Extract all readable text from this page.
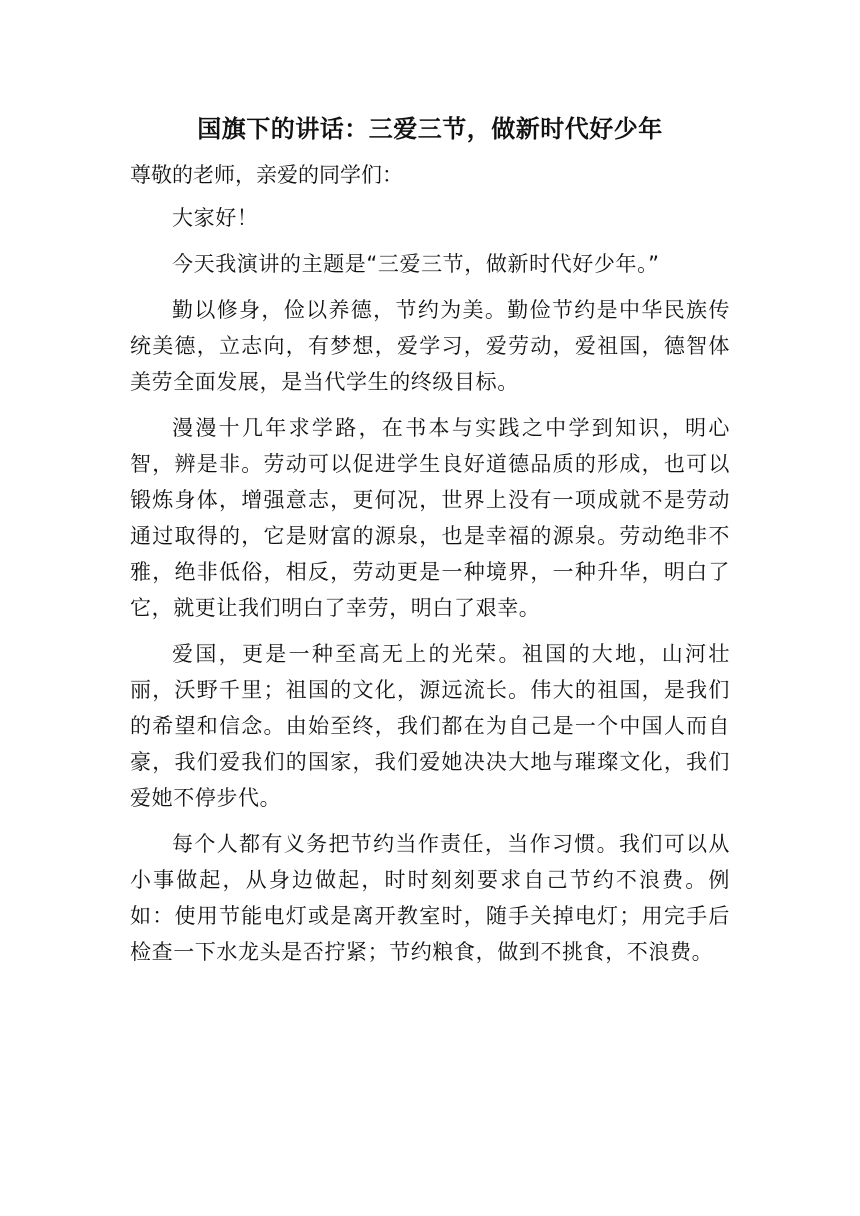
国旗下的讲话：三爱三节，做新时代好少年

尊敬的老师，亲爱的同学们：

大家好！

今天我演讲的主题是“三爱三节，做新时代好少年。”

勤以修身，俭以养德，节约为美。勤俭节约是中华民族传统美德，立志向，有梦想，爱学习，爱劳动，爱祖国，德智体美劳全面发展，是当代学生的终级目标。

漫漫十几年求学路，在书本与实践之中学到知识，明心智，辨是非。劳动可以促进学生良好道德品质的形成，也可以锻炼身体，增强意志，更何况，世界上没有一项成就不是劳动通过取得的，它是财富的源泉，也是幸福的源泉。劳动绝非不雅，绝非低俗，相反，劳动更是一种境界，一种升华，明白了它，就更让我们明白了幸劳，明白了艰幸。

爱国，更是一种至高无上的光荣。祖国的大地，山河壮丽，沃野千里；祖国的文化，源远流长。伟大的祖国，是我们的希望和信念。由始至终，我们都在为自己是一个中国人而自豪，我们爱我们的国家，我们爱她决决大地与璀璨文化，我们爱她不停步代。

每个人都有义务把节约当作责任，当作习惯。我们可以从小事做起，从身边做起，时时刻刻要求自己节约不浪费。例如：使用节能电灯或是离开教室时，随手关掉电灯；用完手后检查一下水龙头是否拧紧；节约粮食，做到不挑食，不浪费。
